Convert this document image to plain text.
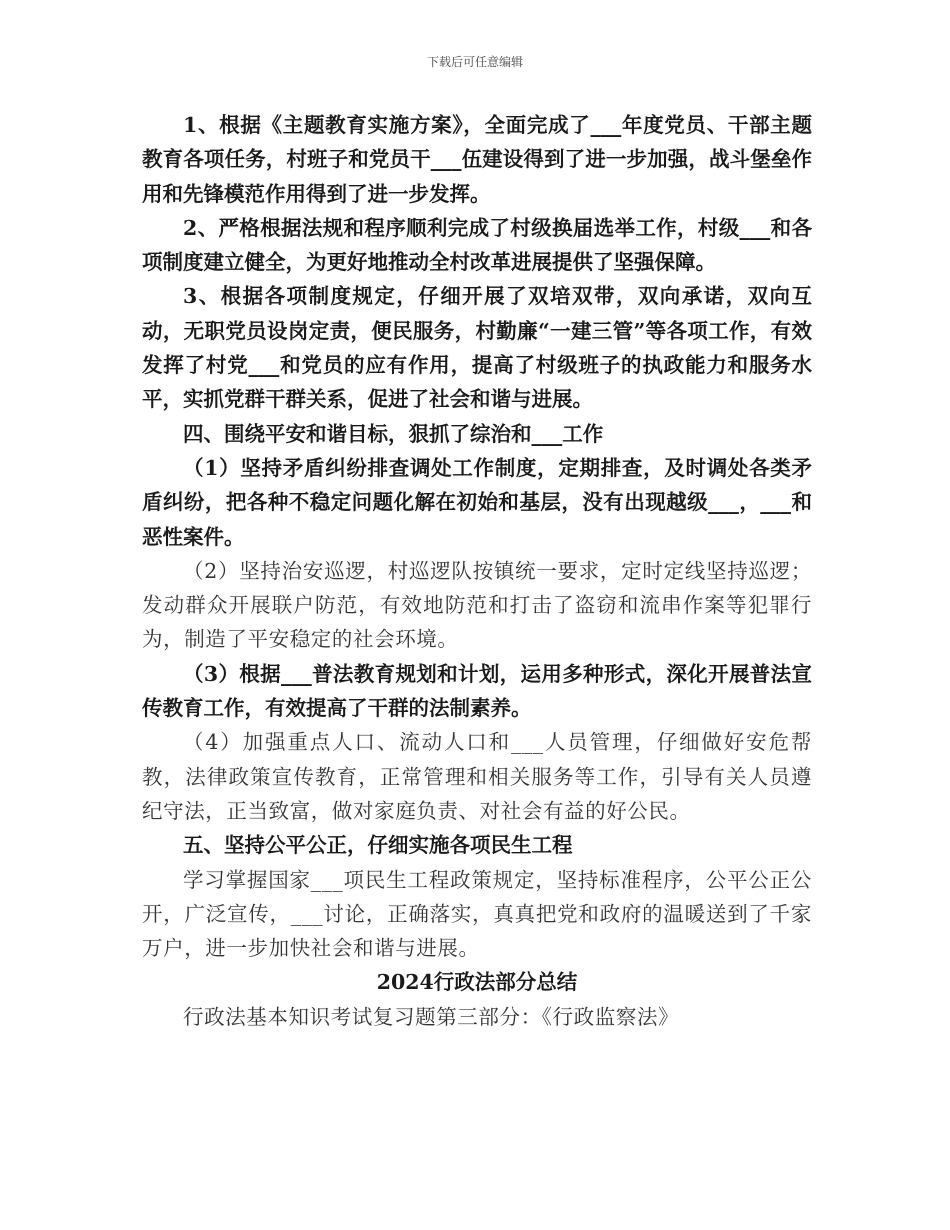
下载后可任意编辑

1、根据《主题教育实施方案》，全面完成了___年度党员、干部主题教育各项任务，村班子和党员干___伍建设得到了进一步加强，战斗堡垒作用和先锋模范作用得到了进一步发挥。

2、严格根据法规和程序顺利完成了村级换届选举工作，村级___和各项制度建立健全，为更好地推动全村改革进展提供了坚强保障。

3、根据各项制度规定，仔细开展了双培双带，双向承诺，双向互动，无职党员设岗定责，便民服务，村勤廉“一建三管”等各项工作，有效发挥了村党___和党员的应有作用，提高了村级班子的执政能力和服务水平，实抓党群干群关系，促进了社会和谐与进展。

四、围绕平安和谐目标，狠抓了综治和___工作

（1）坚持矛盾纠纷排查调处工作制度，定期排查，及时调处各类矛盾纠纷，把各种不稳定问题化解在初始和基层，没有出现越级___，___和恶性案件。

（2）坚持治安巡逻，村巡逻队按镇统一要求，定时定线坚持巡逻；发动群众开展联户防范，有效地防范和打击了盗窃和流串作案等犯罪行为，制造了平安稳定的社会环境。

（3）根据___普法教育规划和计划，运用多种形式，深化开展普法宣传教育工作，有效提高了干群的法制素养。

（4）加强重点人口、流动人口和___人员管理，仔细做好安危帮教，法律政策宣传教育，正常管理和相关服务等工作，引导有关人员遵纪守法，正当致富，做对家庭负责、对社会有益的好公民。

五、坚持公平公正，仔细实施各项民生工程

学习掌握国家___项民生工程政策规定，坚持标准程序，公平公正公开，广泛宣传，___讨论，正确落实，真真把党和政府的温暖送到了千家万户，进一步加快社会和谐与进展。

2024行政法部分总结

行政法基本知识考试复习题第三部分：《行政监察法》
